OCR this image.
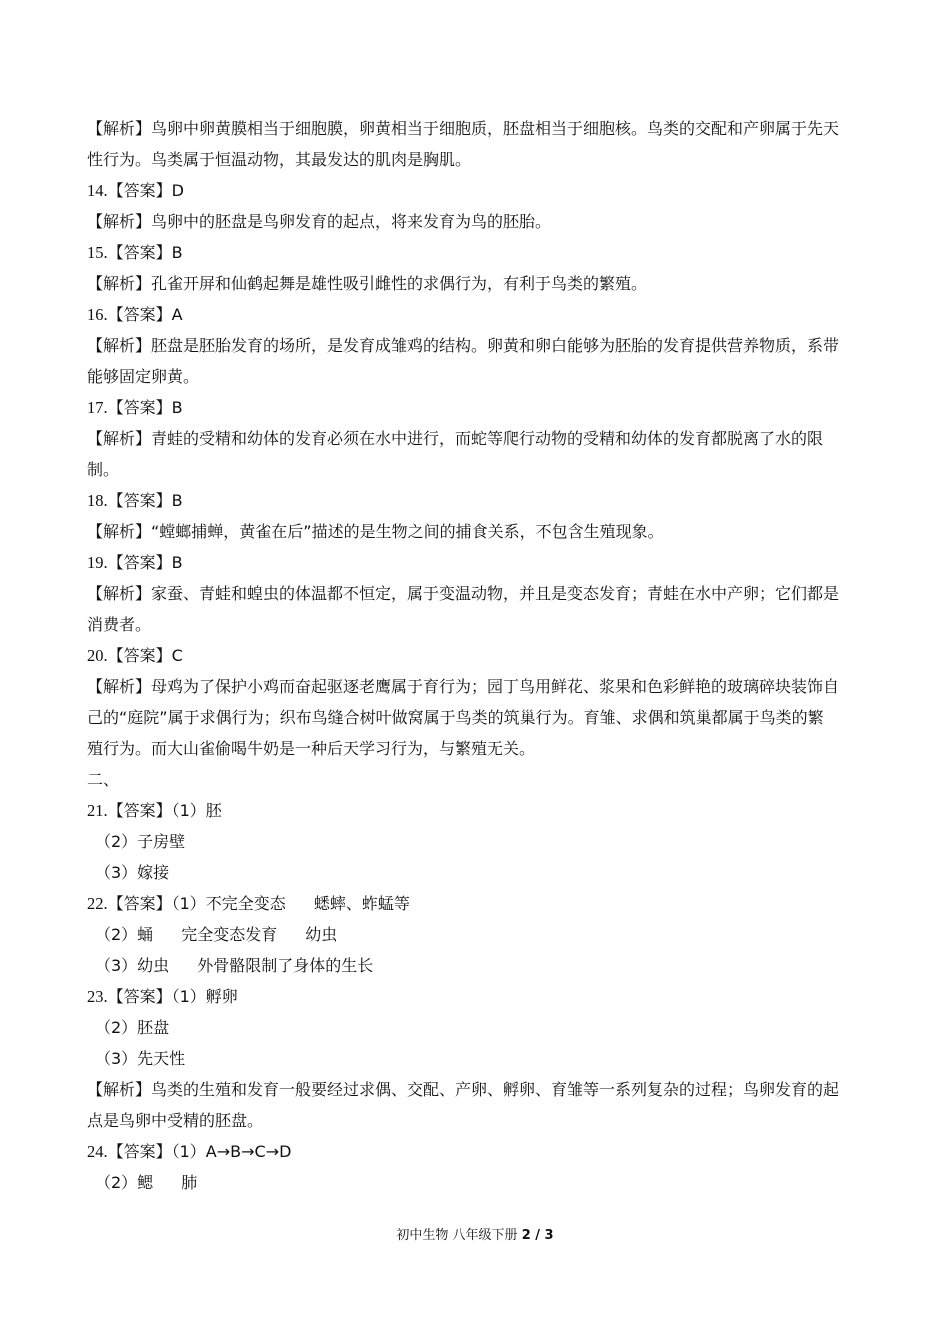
【解析】鸟卵中卵黄膜相当于细胞膜，卵黄相当于细胞质，胚盘相当于细胞核。鸟类的交配和产卵属于先天
性行为。鸟类属于恒温动物，其最发达的肌肉是胸肌。
14.【答案】D
【解析】鸟卵中的胚盘是鸟卵发育的起点，将来发育为鸟的胚胎。
15.【答案】B
【解析】孔雀开屏和仙鹤起舞是雄性吸引雌性的求偶行为，有利于鸟类的繁殖。
16.【答案】A
【解析】胚盘是胚胎发育的场所，是发育成雏鸡的结构。卵黄和卵白能够为胚胎的发育提供营养物质，系带
能够固定卵黄。
17.【答案】B
【解析】青蛙的受精和幼体的发育必须在水中进行，而蛇等爬行动物的受精和幼体的发育都脱离了水的限
制。
18.【答案】B
【解析】“螳螂捕蝉，黄雀在后”描述的是生物之间的捕食关系，不包含生殖现象。
19.【答案】B
【解析】家蚕、青蛙和蝗虫的体温都不恒定，属于变温动物，并且是变态发育；青蛙在水中产卵；它们都是
消费者。
20.【答案】C
【解析】母鸡为了保护小鸡而奋起驱逐老鹰属于育行为；园丁鸟用鲜花、浆果和色彩鲜艳的玻璃碎块装饰自
己的“庭院”属于求偶行为；织布鸟缝合树叶做窝属于鸟类的筑巢行为。育雏、求偶和筑巢都属于鸟类的繁
殖行为。而大山雀偷喝牛奶是一种后天学习行为，与繁殖无关。
二、
21.【答案】（1）胚
（2）子房壁
（3）嫁接
22.【答案】（1）不完全变态 蟋蟀、蚱蜢等
（2）蛹 完全变态发育 幼虫
（3）幼虫 外骨骼限制了身体的生长
23.【答案】（1）孵卵
（2）胚盘
（3）先天性
【解析】鸟类的生殖和发育一般要经过求偶、交配、产卵、孵卵、育雏等一系列复杂的过程；鸟卵发育的起
点是鸟卵中受精的胚盘。
24.【答案】（1）A→B→C→D
（2）鳃 肺
初中生物 八年级下册 2 / 3
